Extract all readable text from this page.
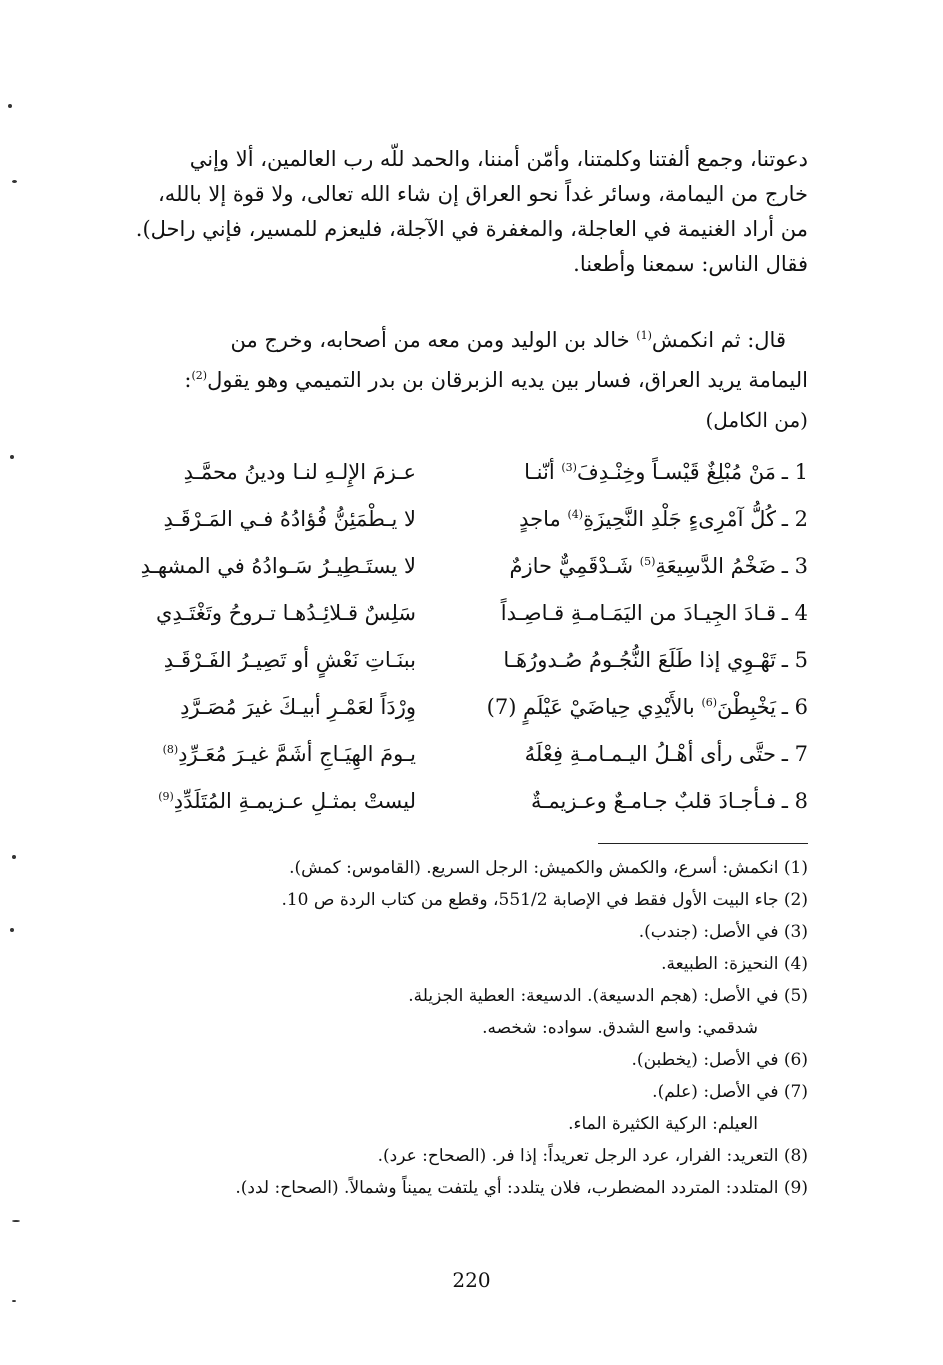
دعوتنا، وجمع ألفتنا وكلمتنا، وأمّن أمننا، والحمد للّه رب العالمين، ألا وإني

خارج من اليمامة، وسائر غداً نحو العراق إن شاء الله تعالى، ولا قوة إلا بالله،

من أراد الغنيمة في العاجلة، والمغفرة في الآجلة، فليعزم للمسير، فإني راحل).

فقال الناس: سمعنا وأطعنا.

قال: ثم انكمش$^{(1)}$ خالد بن الوليد ومن معه من أصحابه، وخرج من

اليمامة يريد العراق، فسار بين يديه الزبرقان بن بدر التميمي وهو يقول$^{(2)}$:

(من الكامل)
1 ـ
مَنْ مُبْلِغٌ قَيْسـاً وخِنْـدِفَ$^{(3)}$ أنّنـا
عـزمَ الإِلـهِ لنـا ودينُ محمَّـدِ
2 ـ
كُلُّ آمْرِىءٍ جَلْدِ النَّحِيزَةِ$^{(4)}$ ماجدٍ
لا يـطْمَئِنُّ فُؤادُهُ فـي المَـرْقَـدِ
3 ـ
ضَخْمُ الدَّسِيعَةِ$^{(5)}$ شَـدْقَمِيٌّ حازمٌ
لا يستَـطِيـرُ سَـوادُهُ في المشهـدِ
4 ـ
قـادَ الجِيـادَ من اليَمَـامـةِ قـاصِـداً
سَلِسٌ قـلائِـدُهـا تـروحُ وتَغْتَـدِي
5 ـ
تَهْـوِي إذا طَلَعَ النُّجُـومُ صُـدورُهَـا
ببنَـاتِ نَعْشٍ أو تَصِيـرُ الفَـرْقَـدِ
6 ـ
يَخْبِطْنَ$^{(6)}$ بالأَيْدِي حِياضَيْ عَيْلَمٍ (7)
وِرْدَاً لعَمْـرِ أبيـكَ غيرَ مُصَـرَّدِ
7 ـ
حتَّى رأى أهْـلُ اليـمـامـةِ فِعْلَهُ
يـومَ الهِيَـاجِ أشَمَّ غيـرَ مُعَـرِّدِ$^{(8)}$
8 ـ
فـأجـادَ قلبٌ جـامـعٌ وعـزيمـةٌ
ليستْ بمثـلِ عـزيمـةِ المُتَلَدِّدِ$^{(9)}$
(1) انكمش: أسرع، والكمش والكميش: الرجل السريع. (القاموس: كمش).
(2) جاء البيت الأول فقط في الإصابة 551/2، وقطع من كتاب الردة ص 10.
(3) في الأصل: (جندب).
(4) النحيزة: الطبيعة.
(5) في الأصل: (هجم الدسيعة). الدسيعة: العطية الجزيلة.
شدقمي: واسع الشدق. سواده: شخصه.
(6) في الأصل: (يخطبن).
(7) في الأصل: (علم).
العيلم: الركية الكثيرة الماء.
(8) التعريد: الفرار، عرد الرجل تعريداً: إذا فر. (الصحاح: عرد).
(9) المتلدد: المتردد المضطرب، فلان يتلدد: أي يلتفت يميناً وشمالاً. (الصحاح: لدد).
220
